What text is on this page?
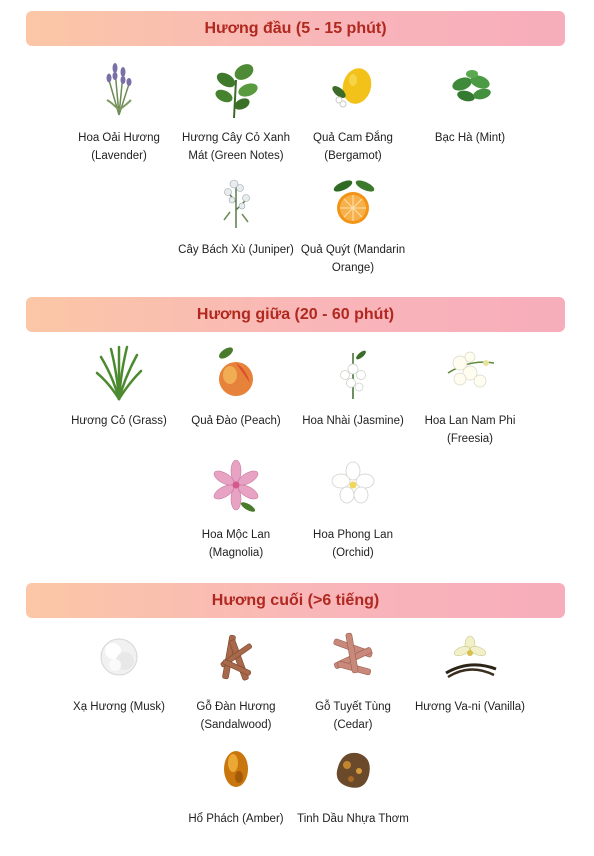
Hương đầu (5 - 15 phút)
Hoa Oải Hương (Lavender)
Hương Cây Cỏ Xanh Mát (Green Notes)
Quả Cam Đắng (Bergamot)
Bạc Hà (Mint)
Cây Bách Xù (Juniper) Quả Quýt (Mandarin Orange)
Hương giữa (20 - 60 phút)
Hương Cỏ (Grass)	Quả Đào (Peach)	Hoa Nhài (Jasmine)	Hoa Lan Nam Phi (Freesia)
Hoa Mộc Lan (Magnolia)
Hoa Phong Lan (Orchid)
Hương cuối (>6 tiếng)
Xạ Hương (Musk)	Gỗ Đàn Hương (Sandalwood)
Gỗ Tuyết Tùng (Cedar)
Hương Va-ni (Vanilla)
Hổ Phách (Amber)	Tinh Dầu Nhựa Thơm
